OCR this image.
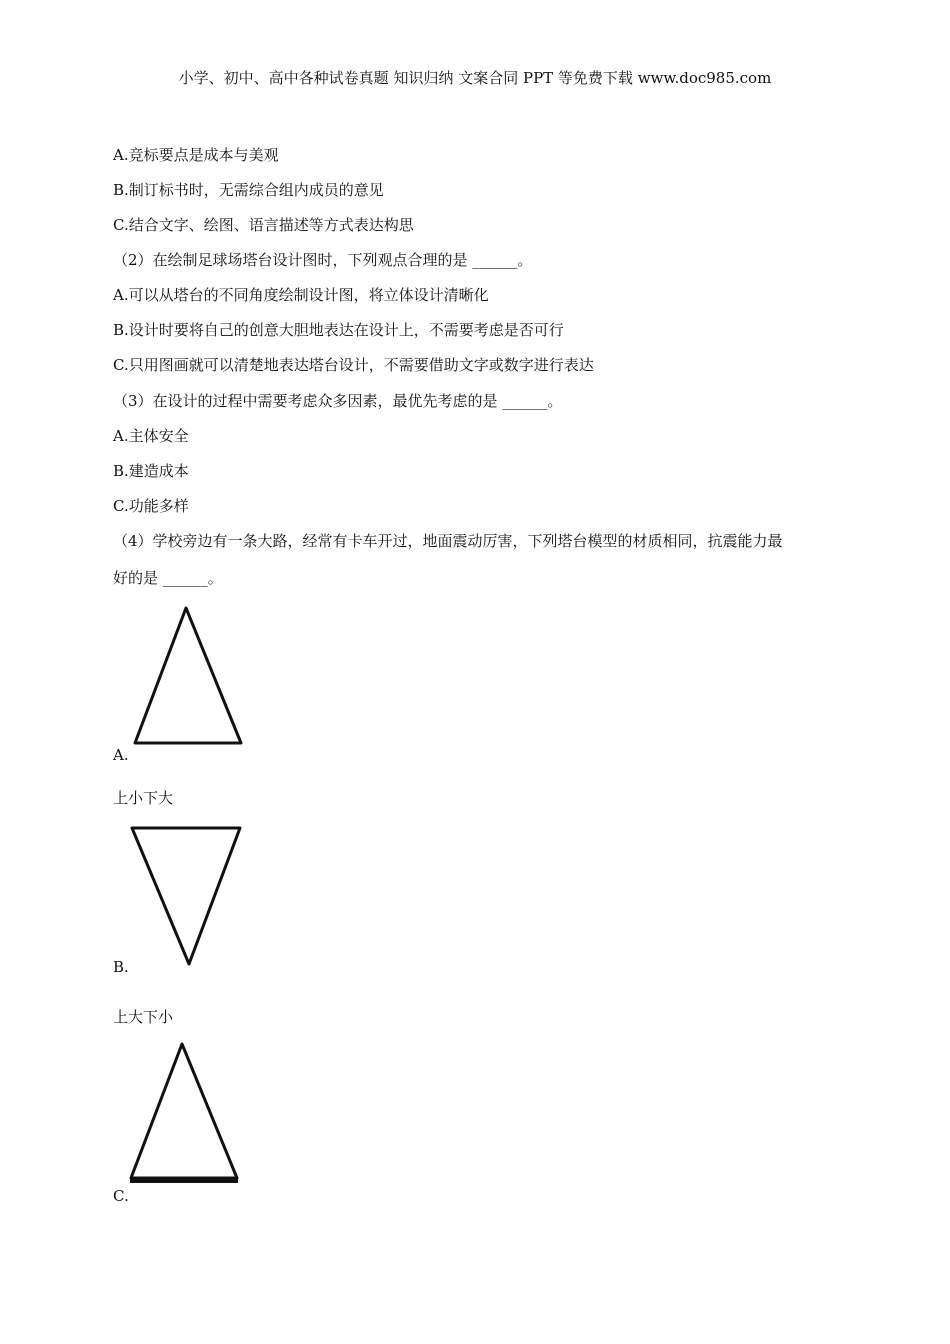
小学、初中、高中各种试卷真题 知识归纳 文案合同 PPT 等免费下载 www.doc985.com
A.竞标要点是成本与美观
B.制订标书时，无需综合组内成员的意见
C.结合文字、绘图、语言描述等方式表达构思
（2）在绘制足球场塔台设计图时，下列观点合理的是 ______。
A.可以从塔台的不同角度绘制设计图，将立体设计清晰化
B.设计时要将自己的创意大胆地表达在设计上，不需要考虑是否可行
C.只用图画就可以清楚地表达塔台设计，不需要借助文字或数字进行表达
（3）在设计的过程中需要考虑众多因素，最优先考虑的是 ______。
A.主体安全
B.建造成本
C.功能多样
（4）学校旁边有一条大路，经常有卡车开过，地面震动厉害，下列塔台模型的材质相同，抗震能力最
好的是 ______。
A.
上小下大
B.
上大下小
C.
